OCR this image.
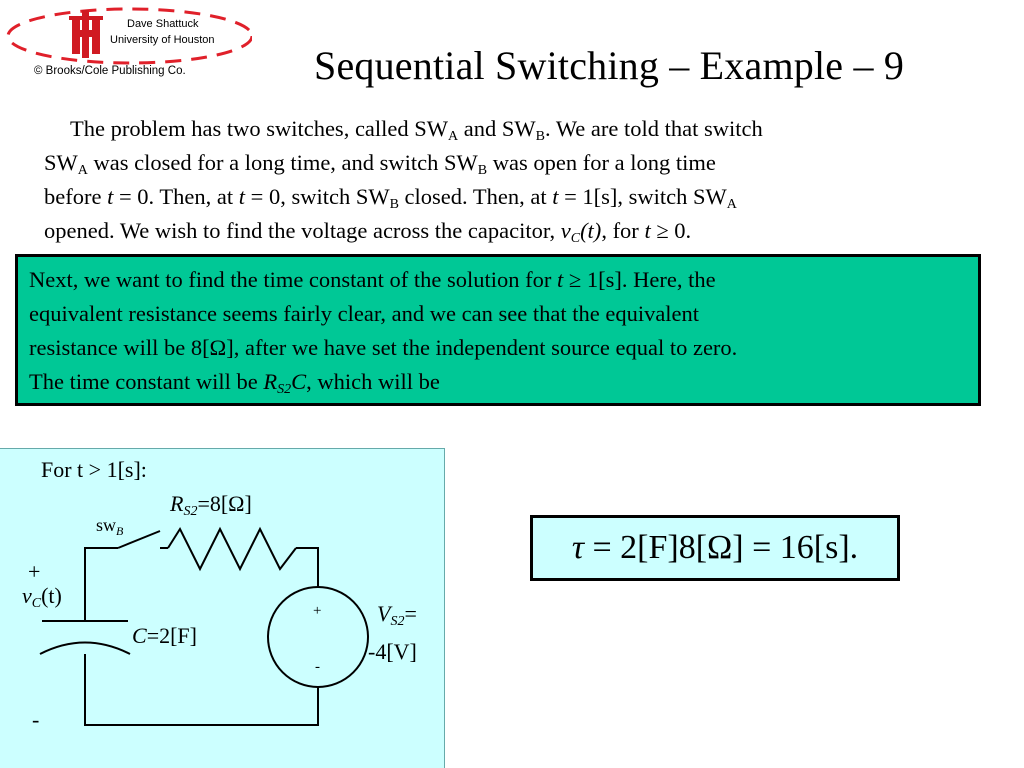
Dave Shattuck
University of Houston
© Brooks/Cole Publishing Co.	Sequential Switching – Example – 9
The problem has two switches, called $SW_A$ and $SW_B$. We are told that switch
$SW_A$ was closed for a long time, and switch $SW_B$ was open for a long time
before t = 0. Then, at t = 0, switch $SW_B$ closed. Then, at t = 1[s], switch $SW_A$
opened. We wish to find the voltage across the capacitor, $v_C(t)$, for t ≥ 0.
Next, we want to find the time constant of the solution for t ≥ 1[s]. Here, the
equivalent resistance seems fairly clear, and we can see that the equivalent
resistance will be 8[Ω], after we have set the independent source equal to zero.
The time constant will be $R_{S2}C$, which will be
For t > 1[s]:
$R_{S2}=8[\Omega]$
$sw_B$
+
$v_C(t)$
C=2[F]
-
+
-
$V_{S2}=$
-4[V]
τ = 2[F]8[Ω] = 16[s].
